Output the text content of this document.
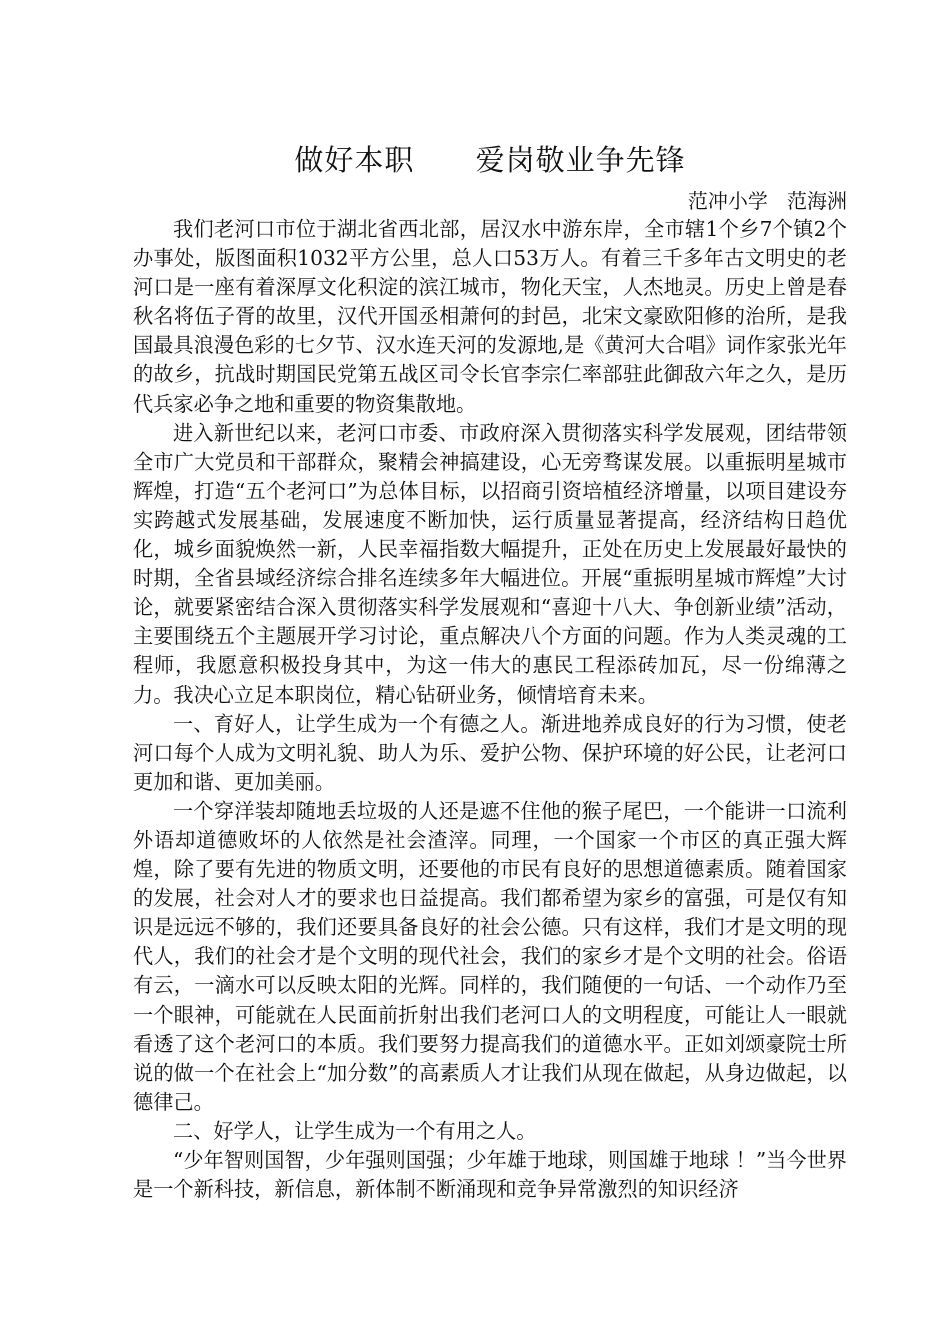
做好本职      爱岗敬业争先锋
范冲小学   范海洲

我们老河口市位于湖北省西北部，居汉水中游东岸，全市辖1个乡7个镇2个办事处，版图面积1032平方公里，总人口53万人。有着三千多年古文明史的老河口是一座有着深厚文化积淀的滨江城市，物化天宝，人杰地灵。历史上曾是春秋名将伍子胥的故里，汉代开国丞相萧何的封邑，北宋文豪欧阳修的治所，是我国最具浪漫色彩的七夕节、汉水连天河的发源地,是《黄河大合唱》词作家张光年的故乡，抗战时期国民党第五战区司令长官李宗仁率部驻此御敌六年之久，是历代兵家必争之地和重要的物资集散地。

进入新世纪以来，老河口市委、市政府深入贯彻落实科学发展观，团结带领全市广大党员和干部群众，聚精会神搞建设，心无旁骛谋发展。以重振明星城市辉煌，打造“五个老河口”为总体目标，以招商引资培植经济增量，以项目建设夯实跨越式发展基础，发展速度不断加快，运行质量显著提高，经济结构日趋优化，城乡面貌焕然一新，人民幸福指数大幅提升，正处在历史上发展最好最快的时期，全省县域经济综合排名连续多年大幅进位。开展“重振明星城市辉煌”大讨论，就要紧密结合深入贯彻落实科学发展观和“喜迎十八大、争创新业绩”活动，主要围绕五个主题展开学习讨论，重点解决八个方面的问题。作为人类灵魂的工程师，我愿意积极投身其中，为这一伟大的惠民工程添砖加瓦，尽一份绵薄之力。我决心立足本职岗位，精心钻研业务，倾情培育未来。

一、育好人，让学生成为一个有德之人。渐进地养成良好的行为习惯，使老河口每个人成为文明礼貌、助人为乐、爱护公物、保护环境的好公民，让老河口更加和谐、更加美丽。

一个穿洋装却随地丢垃圾的人还是遮不住他的猴子尾巴，一个能讲一口流利外语却道德败坏的人依然是社会渣滓。同理，一个国家一个市区的真正强大辉煌，除了要有先进的物质文明，还要他的市民有良好的思想道德素质。随着国家的发展，社会对人才的要求也日益提高。我们都希望为家乡的富强，可是仅有知识是远远不够的，我们还要具备良好的社会公德。只有这样，我们才是文明的现代人，我们的社会才是个文明的现代社会，我们的家乡才是个文明的社会。俗语有云，一滴水可以反映太阳的光辉。同样的，我们随便的一句话、一个动作乃至一个眼神，可能就在人民面前折射出我们老河口人的文明程度，可能让人一眼就看透了这个老河口的本质。我们要努力提高我们的道德水平。正如刘颂豪院士所说的做一个在社会上“加分数”的高素质人才让我们从现在做起，从身边做起，以德律己。

二、好学人，让学生成为一个有用之人。

“少年智则国智，少年强则国强；少年雄于地球，则国雄于地球 ！”当今世界是一个新科技，新信息，新体制不断涌现和竞争异常激烈的知识经济
